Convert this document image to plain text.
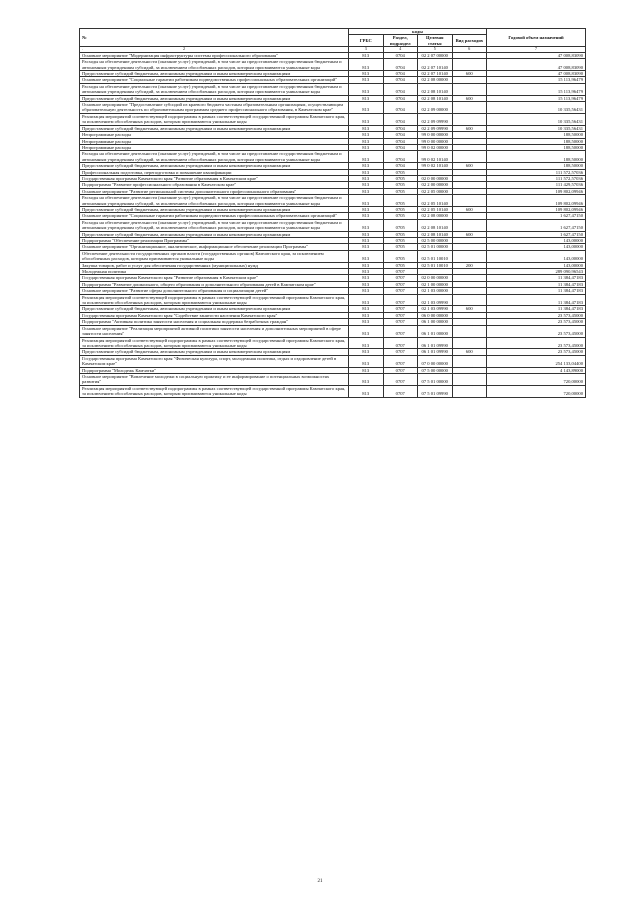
№	коды				Годовой объем назначений
	ГРБС	Раздел, подраздел	Целевая статья	Вид расходов	
. 2	3	4	5	6	7
Основное мероприятие "Модернизация инфраструктуры системы профессионального образования"	813	0704	02 2 07 00000		47 008,83090
Расходы на обеспечение деятельности (оказание услуг) учреждений, в том числе на предоставление государственным бюджетным и автономным учреждениям субсидий, за исключением обособленных расходов, которым присваиваются уникальные коды	813	0704	02 2 07 10140		47 008,83090
Предоставление субсидий бюджетным, автономным учреждениям и иным некоммерческим организациям	813	0704	02 2 07 10140	600	47 008,83090
Основное мероприятие "Социальные гарантии работникам подведомственных профессиональных образовательных организаций"	813	0704	02 2 08 00000		15 113,96479
Расходы на обеспечение деятельности (оказание услуг) учреждений, в том числе на предоставление государственным бюджетным и автономным учреждениям субсидий, за исключением обособленных расходов, которым присваиваются уникальные коды	813	0704	02 2 08 10140		15 113,96479
Предоставление субсидий бюджетным, автономным учреждениям и иным некоммерческим организациям	813	0704	02 2 08 10140	600	15 113,96479
Основное мероприятие "Предоставление субсидий из краевого бюджета частным образовательным организациям, осуществляющим образовательную деятельность по образовательным программам среднего профессионального образования, в Камчатском крае"	813	0704	02 2 09 00000		10 335,56431
Реализация мероприятий соответствующей подпрограммы в рамках соответствующей государственной программы Камчатского края, за исключением обособленных расходов, которым присваиваются уникальные коды	813	0704	02 2 09 09990		10 335,56431
Предоставление субсидий бюджетным, автономным учреждениям и иным некоммерческим организациям	813	0704	02 2 09 09990	600	10 335,56431
Непрограммные расходы	813	0704	99 0 00 00000		188,50000
Непрограммные расходы	813	0704	99 0 00 00000		188,50000
Непрограммные расходы	813	0704	99 0 02 00000		188,50000
Расходы на обеспечение деятельности (оказание услуг) учреждений, в том числе на предоставление государственным бюджетным и автономным учреждениям субсидий, за исключением обособленных расходов, которым присваиваются уникальные коды	813	0704	99 0 02 10140		188,50000
Предоставление субсидий бюджетным, автономным учреждениям и иным некоммерческим организациям	813	0704	99 0 02 10140	600	188,50000
Профессиональная подготовка, переподготовка и повышение квалификации	813	0705			111 572,57036
Государственная программа Камчатского края "Развитие образования в Камчатском крае"	813	0705	02 0 00 00000		111 572,57036
Подпрограмма "Развитие профессионального образования в Камчатском крае"	813	0705	02 2 00 00000		111 429,57036
Основное мероприятие "Развитие региональной системы дополнительного профессионального образования"	813	0705	02 2 05 00000		109 802,09946
Расходы на обеспечение деятельности (оказание услуг) учреждений, в том числе на предоставление государственным бюджетным и автономным учреждениям субсидий, за исключением обособленных расходов, которым присваиваются уникальные коды	813	0705	02 2 05 10140		109 802,09946
Предоставление субсидий бюджетным, автономным учреждениям и иным некоммерческим организациям	813	0705	02 2 05 10140	600	109 802,09946
Основное мероприятие "Социальные гарантии работникам подведомственных профессиональных образовательных организаций"	813	0705	02 2 08 00000		1 627,47150
Расходы на обеспечение деятельности (оказание услуг) учреждений, в том числе на предоставление государственным бюджетным и автономным учреждениям субсидий, за исключением обособленных расходов, которым присваиваются уникальные коды	813	0705	02 2 08 10140		1 627,47150
Предоставление субсидий бюджетным, автономным учреждениям и иным некоммерческим организациям	813	0705	02 2 08 10140	600	1 627,47150
Подпрограмма "Обеспечение реализации Программы"	813	0705	02 5 00 00000		143,00000
Основное мероприятие "Организационное, аналитическое, информационное обеспечение реализации Программы"	813	0705	02 5 01 00000		143,00000
Обеспечение деятельности государственных органов власти (государственных органов) Камчатского края, за исключением обособленных расходов, которым присваиваются уникальные коды	813	0705	02 5 01 10010		143,00000
Закупка товаров, работ и услуг для обеспечения государственных (муниципальных) нужд	813	0705	02 5 01 10010	200	143,00000
Молодежная политика	813	0707			289 090,96543
Государственная программа Камчатского края "Развитие образования в Камчатском крае"	813	0707	02 0 00 00000		11 384,47183
Подпрограмма "Развитие дошкольного, общего образования и дополнительного образования детей в Камчатском крае"	813	0707	02 1 00 00000		11 384,47183
Основное мероприятие "Развитие сферы дополнительного образования и социализации детей"	813	0707	02 1 03 00000		11 384,47183
Реализация мероприятий соответствующей подпрограммы в рамках соответствующей государственной программы Камчатского края, за исключением обособленных расходов, которым присваиваются уникальные коды	813	0707	02 1 03 09990		11 384,47183
Предоставление субсидий бюджетным, автономным учреждениям и иным некоммерческим организациям	813	0707	02 1 03 09990	600	11 384,47183
Государственная программа Камчатского края "Содействие занятости населения Камчатского края"	813	0707	06 0 00 00000		23 573,45000
Подпрограмма "Активная политика занятости населения и социальная поддержка безработных граждан"	813	0707	06 1 00 00000		23 573,45000
Основное мероприятие "Реализация мероприятий активной политики занятости населения и дополнительных мероприятий в сфере занятости населения"	813	0707	06 1 01 00000		23 573,45000
Реализация мероприятий соответствующей подпрограммы в рамках соответствующей государственной программы Камчатского края, за исключением обособленных расходов, которым присваиваются уникальные коды	813	0707	06 1 01 09990		23 573,45000
Предоставление субсидий бюджетным, автономным учреждениям и иным некоммерческим организациям	813	0707	06 1 01 09990	600	23 573,45000
Государственная программа Камчатского края "Физическая культура, спорт, молодежная политика, отдых и оздоровление детей в Камчатском крае"	813	0707	07 0 00 00000		254 133,04400
Подпрограмма "Молодежь Камчатки"	813	0707	07 5 00 00000		4 143,89000
Основное мероприятие "Вовлечение молодежи в социальную практику и ее информирование о потенциальных возможностях развития"	813	0707	07 5 01 00000		720,00000
Реализация мероприятий соответствующей подпрограммы в рамках соответствующей государственной программы Камчатского края, за исключением обособленных расходов, которым присваиваются уникальные коды	813	0707	07 5 01 09990		720,00000
21
